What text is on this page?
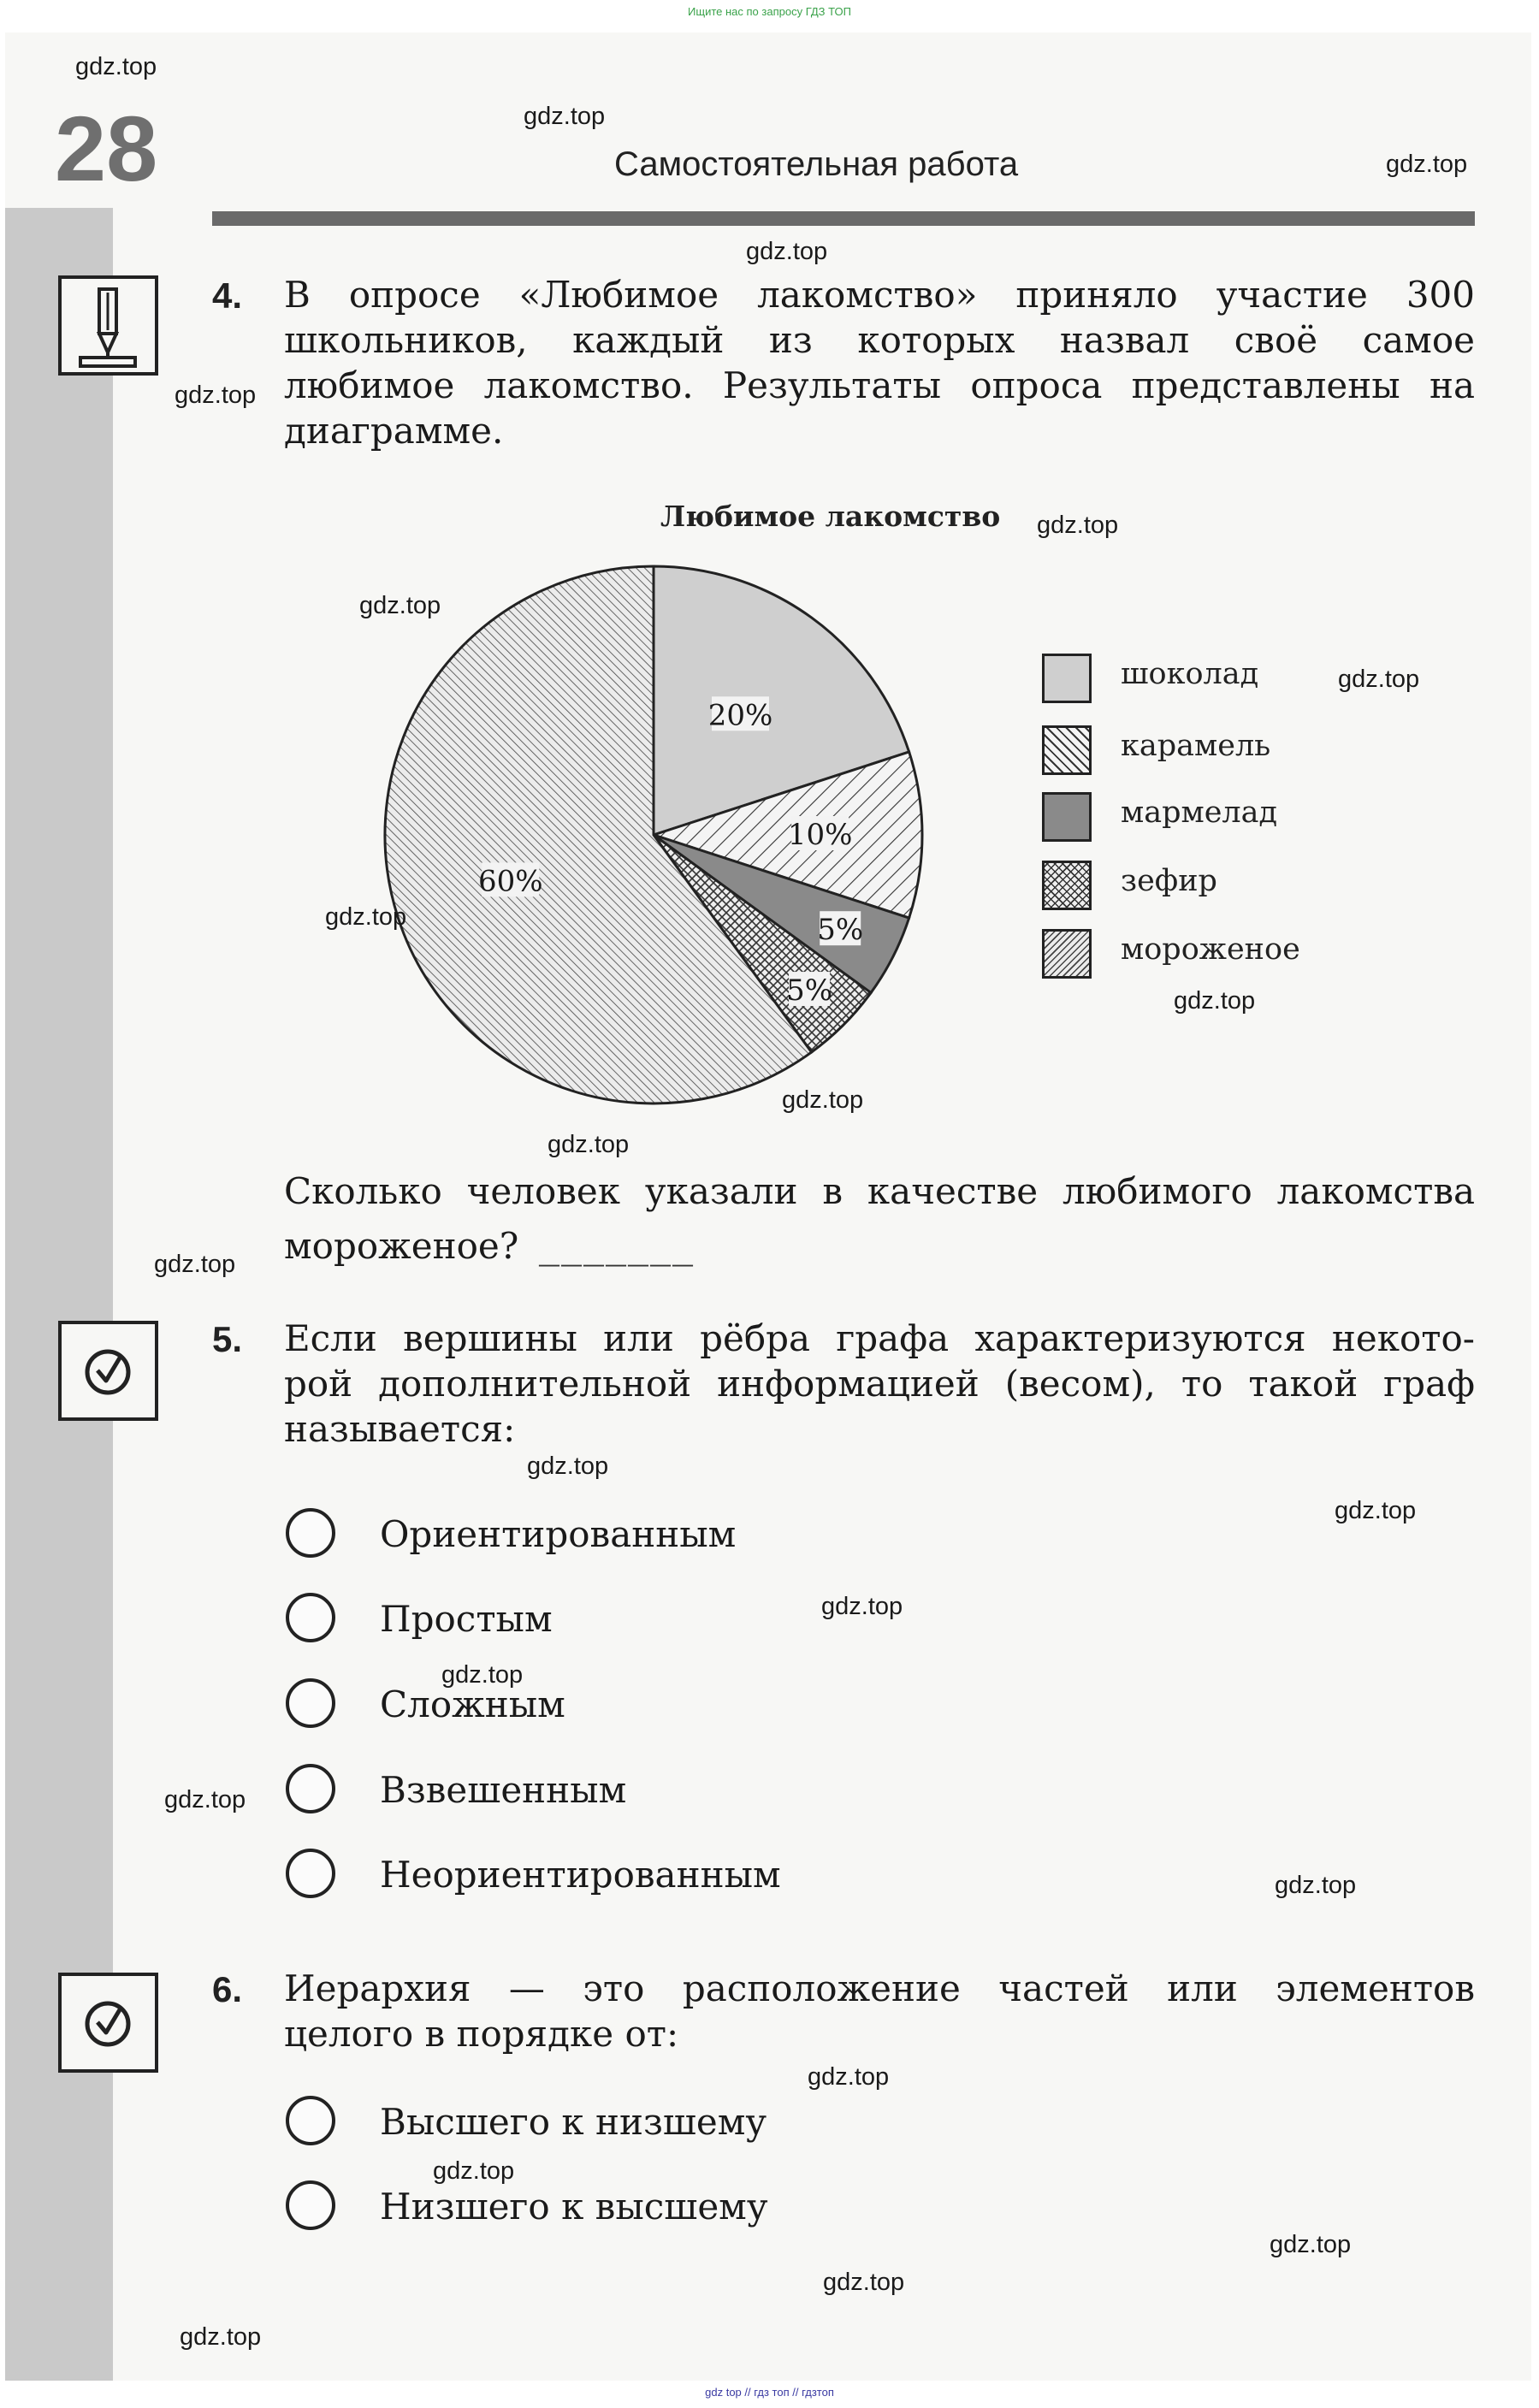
Ищите нас по запросу ГДЗ ТОП
28	Самостоятельная работа
4. В опросе «Любимое лакомство» приняло участие 300
школьников, каждый из которых назвал своё самое
любимое лакомство. Результаты опроса представлены на
диаграмме.
Любимое лакомство
20%
10%
5%
5%
60%
шоколад
карамель
мармелад
зефир
мороженое
Сколько человек указали в качестве любимого лакомства
мороженое? _______
5. Если вершины или рёбра графа характеризуются некото-
рой дополнительной информацией (весом), то такой граф
называется:
Ориентированным
Простым
Сложным
Взвешенным
Неориентированным
6. Иерархия — это расположение частей или элементов
целого в порядке от:
Высшего к низшему
Низшего к высшему
gdz.top
gdz.top
gdz.top
gdz.top
gdz.top
gdz.top
gdz.top
gdz.top
gdz.top
gdz.top
gdz.top
gdz.top
gdz.top
gdz.top
gdz.top
gdz.top
gdz.top
gdz.top
gdz.top
gdz.top
gdz.top
gdz.top
gdz.top
gdz.top
gdz top // гдз топ // гдзтоп
